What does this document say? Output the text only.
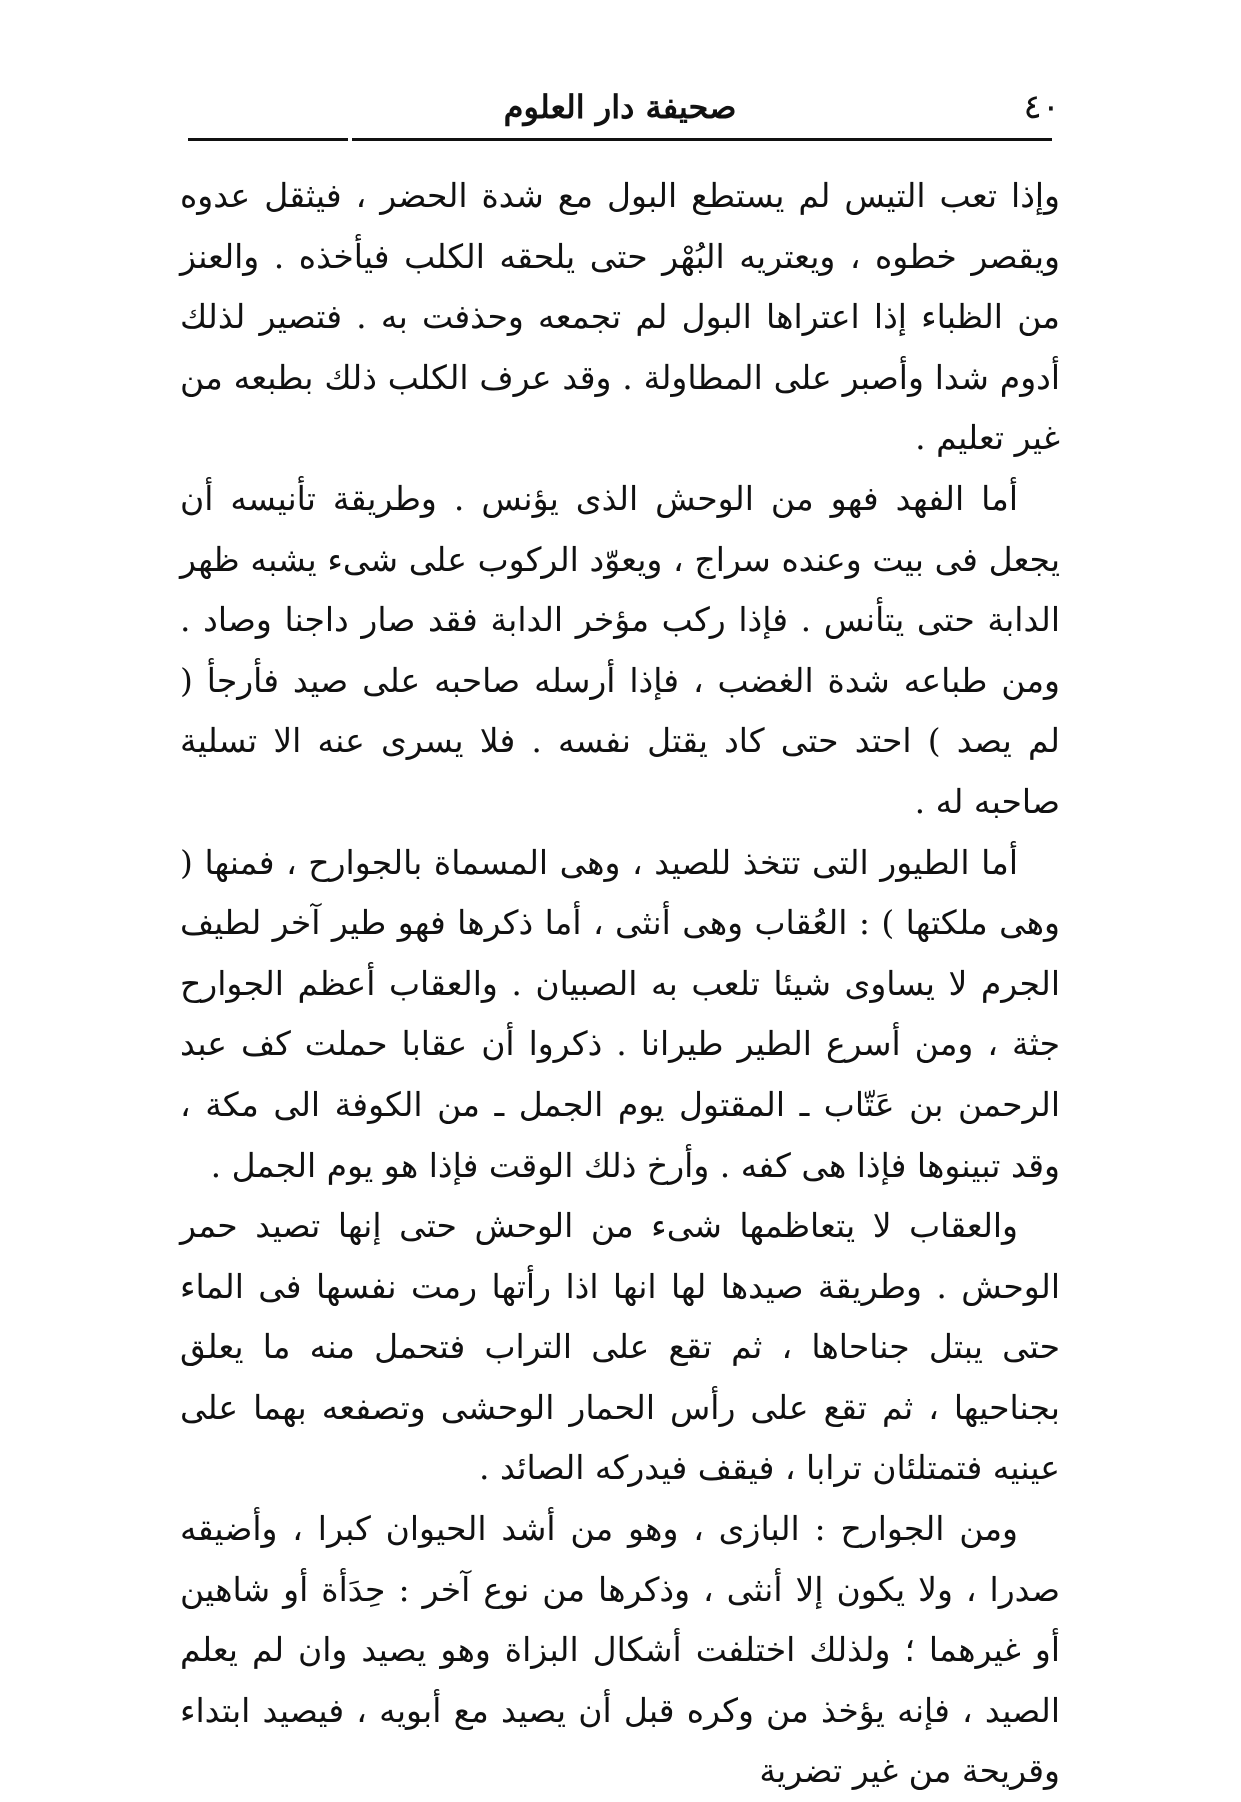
٤٠
صحيفة دار العلوم

وإذا تعب التيس لم يستطع البول مع شدة الحضر ، فيثقل عدوه ويقصر خطوه ، ويعتريه البُهْر حتى يلحقه الكلب فيأخذه . والعنز من الظباء إذا اعتراها البول لم تجمعه وحذفت به . فتصير لذلك أدوم شدا وأصبر على المطاولة . وقد عرف الكلب ذلك بطبعه من غير تعليم .

أما الفهد فهو من الوحش الذى يؤنس . وطريقة تأنيسه أن يجعل فى بيت وعنده سراج ، ويعوّد الركوب على شىء يشبه ظهر الدابة حتى يتأنس . فإذا ركب مؤخر الدابة فقد صار داجنا وصاد . ومن طباعه شدة الغضب ، فإذا أرسله صاحبه على صيد فأرجأ ( لم يصد ) احتد حتى كاد يقتل نفسه . فلا يسرى عنه الا تسلية صاحبه له .

أما الطيور التى تتخذ للصيد ، وهى المسماة بالجوارح ، فمنها ( وهى ملكتها ) : العُقاب وهى أنثى ، أما ذكرها فهو طير آخر لطيف الجرم لا يساوى شيئا تلعب به الصبيان . والعقاب أعظم الجوارح جثة ، ومن أسرع الطير طيرانا . ذكروا أن عقابا حملت كف عبد الرحمن بن عَتّاب ـ المقتول يوم الجمل ـ من الكوفة الى مكة ، وقد تبينوها فإذا هى كفه . وأرخ ذلك الوقت فإذا هو يوم الجمل .

والعقاب لا يتعاظمها شىء من الوحش حتى إنها تصيد حمر الوحش . وطريقة صيدها لها انها اذا رأتها رمت نفسها فى الماء حتى يبتل جناحاها ، ثم تقع على التراب فتحمل منه ما يعلق بجناحيها ، ثم تقع على رأس الحمار الوحشى وتصفعه بهما على عينيه فتمتلئان ترابا ، فيقف فيدركه الصائد .

ومن الجوارح : البازى ، وهو من أشد الحيوان كبرا ، وأضيقه صدرا ، ولا يكون إلا أنثى ، وذكرها من نوع آخر : حِدَأة أو شاهين أو غيرهما ؛ ولذلك اختلفت أشكال البزاة وهو يصيد وان لم يعلم الصيد ، فإنه يؤخذ من وكره قبل أن يصيد مع أبويه ، فيصيد ابتداء وقريحة من غير تضرية
